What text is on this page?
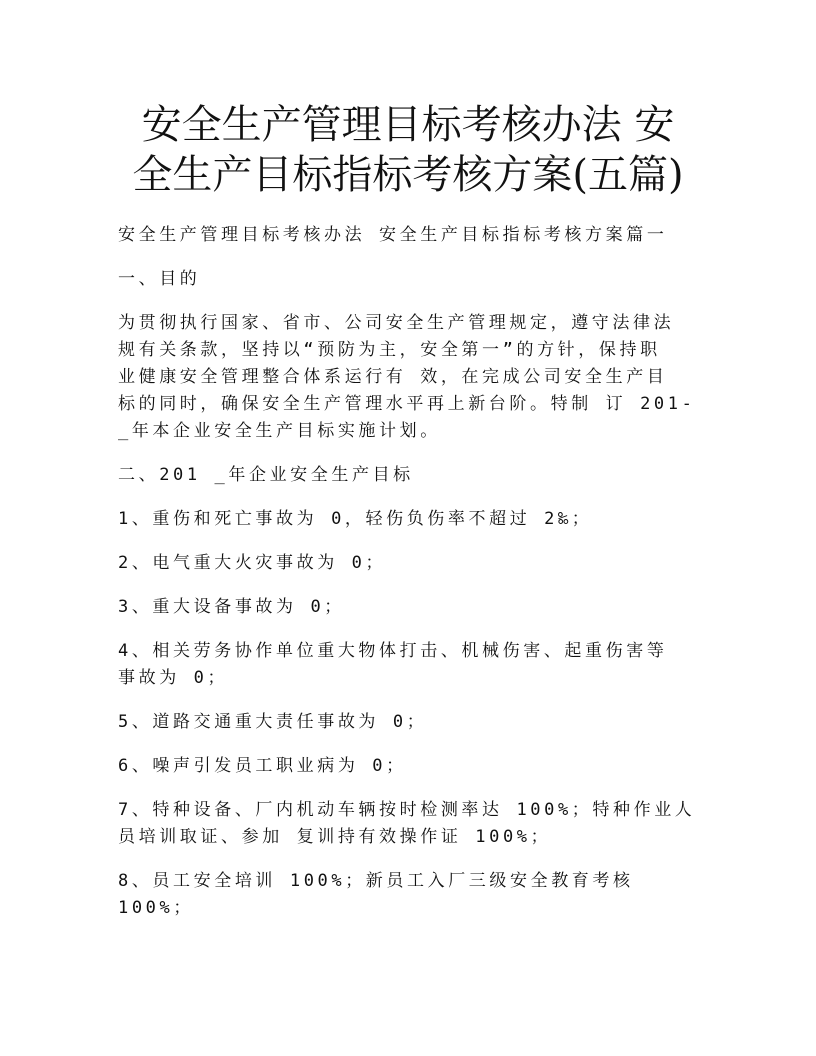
安全生产管理目标考核办法 安
全生产目标指标考核方案(五篇)
安全生产管理目标考核办法 安全生产目标指标考核方案篇一
一、目的
为贯彻执行国家、省市、公司安全生产管理规定，遵守法律法
规有关条款，坚持以“预防为主，安全第一”的方针，保持职
业健康安全管理整合体系运行有 效，在完成公司安全生产目
标的同时，确保安全生产管理水平再上新台阶。特制 订 201-
_年本企业安全生产目标实施计划。
二、201 _年企业安全生产目标
1、重伤和死亡事故为 0，轻伤负伤率不超过 2‰；
2、电气重大火灾事故为 0；
3、重大设备事故为 0；
4、相关劳务协作单位重大物体打击、机械伤害、起重伤害等
事故为 0；
5、道路交通重大责任事故为 0；
6、噪声引发员工职业病为 0；
7、特种设备、厂内机动车辆按时检测率达 100%；特种作业人
员培训取证、参加 复训持有效操作证 100%；
8、员工安全培训 100%；新员工入厂三级安全教育考核
100%；
